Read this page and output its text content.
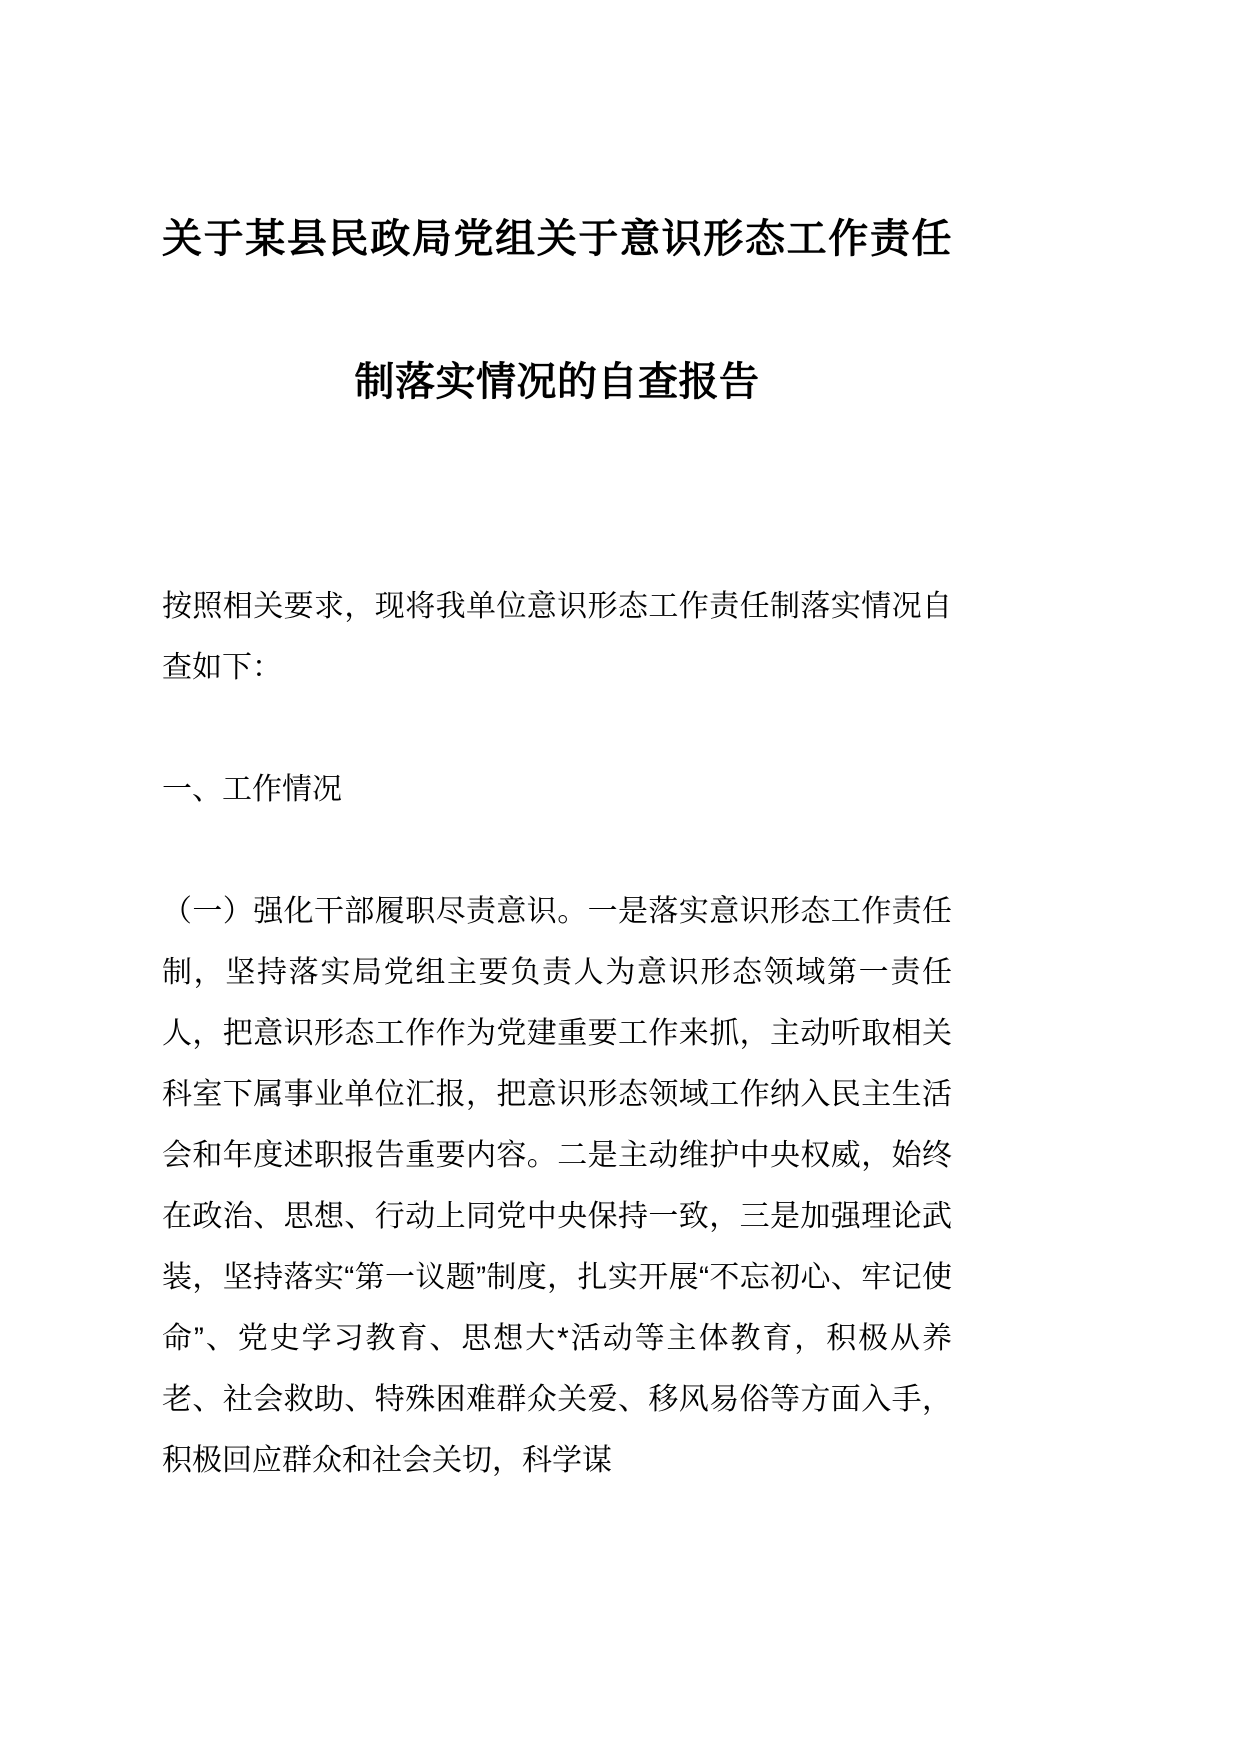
关于某县民政局党组关于意识形态工作责任制落实情况的自查报告

按照相关要求，现将我单位意识形态工作责任制落实情况自查如下：

一、工作情况

（一）强化干部履职尽责意识。一是落实意识形态工作责任制，坚持落实局党组主要负责人为意识形态领域第一责任人，把意识形态工作作为党建重要工作来抓，主动听取相关科室下属事业单位汇报，把意识形态领域工作纳入民主生活会和年度述职报告重要内容。二是主动维护中央权威，始终在政治、思想、行动上同党中央保持一致，三是加强理论武装，坚持落实“第一议题”制度，扎实开展“不忘初心、牢记使命”、党史学习教育、思想大*活动等主体教育，积极从养老、社会救助、特殊困难群众关爱、移风易俗等方面入手，积极回应群众和社会关切，科学谋
